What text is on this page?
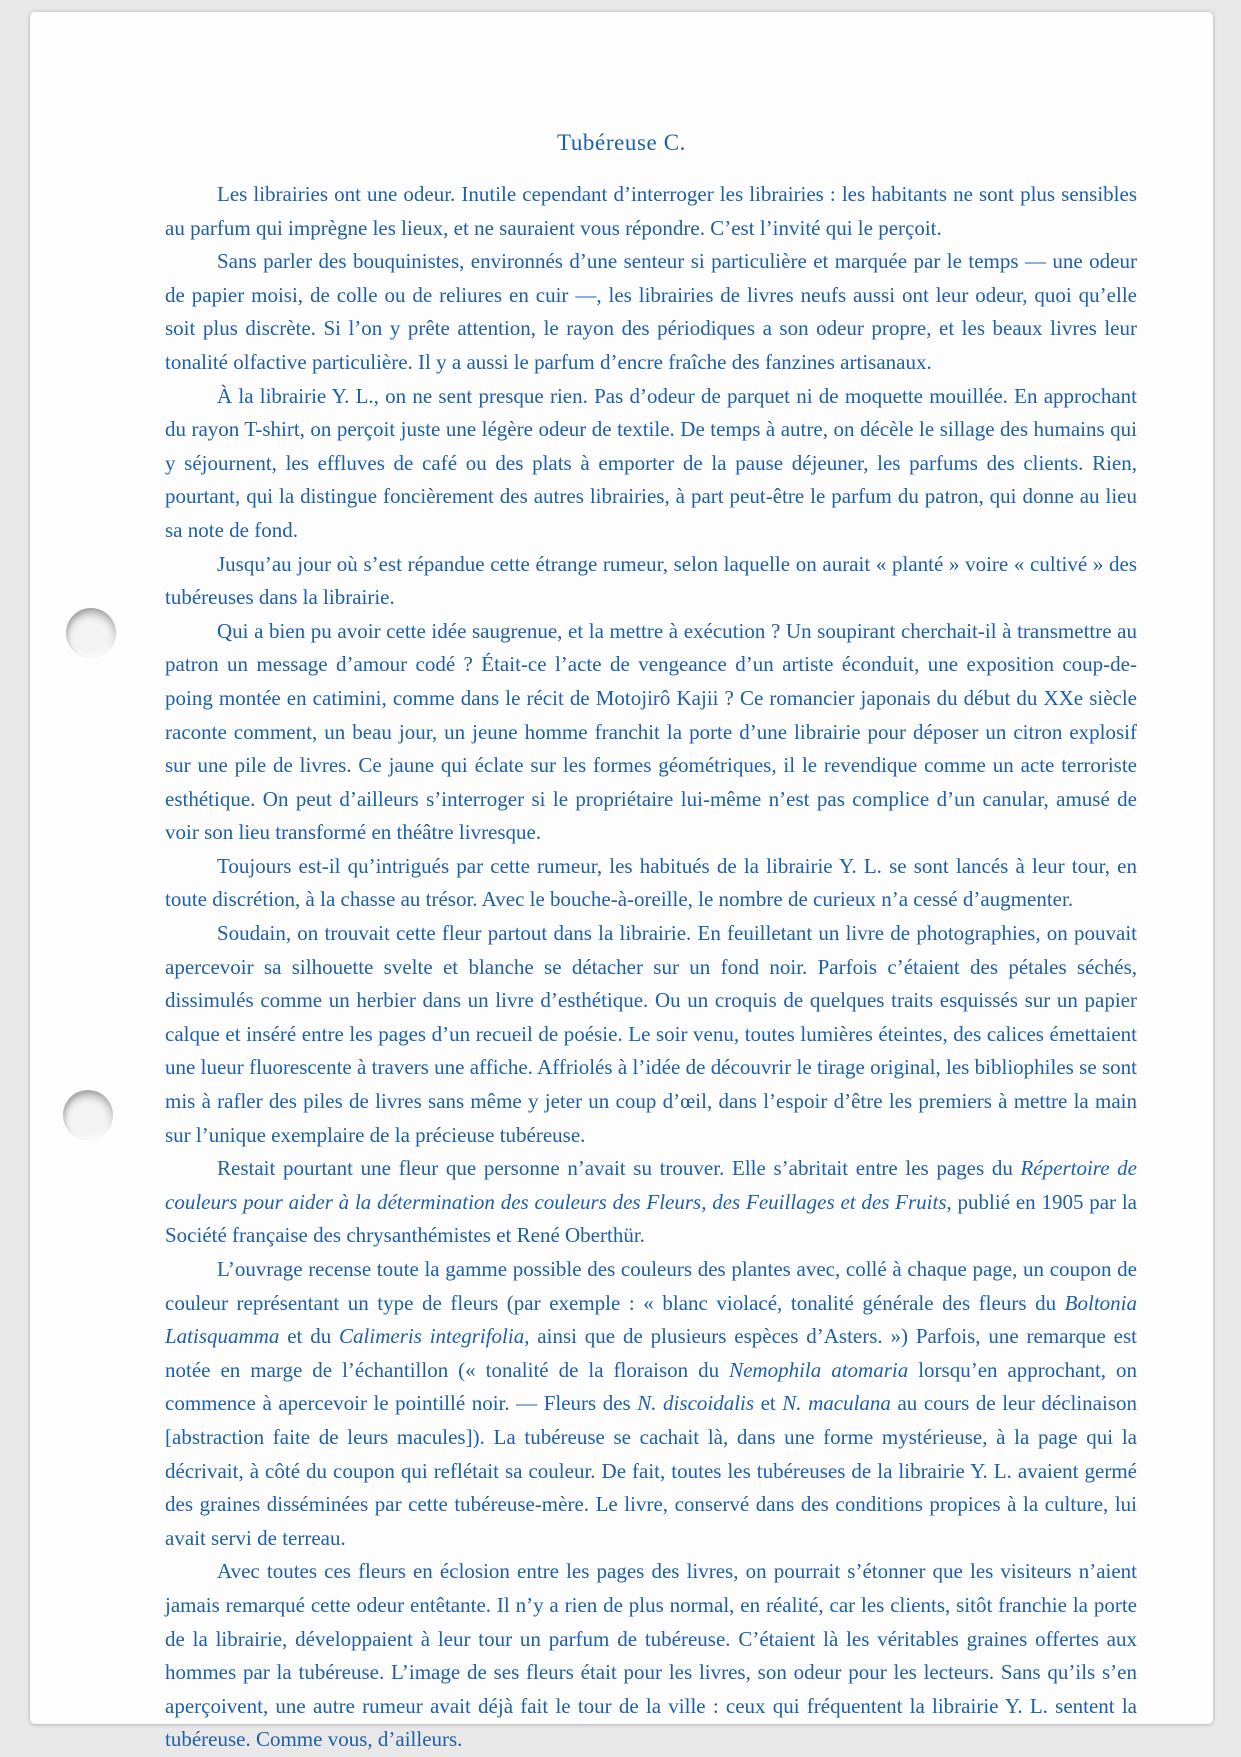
Tubéreuse C.

Les librairies ont une odeur. Inutile cependant d’interroger les librairies : les habitants ne sont plus sensibles au parfum qui imprègne les lieux, et ne sauraient vous répondre. C’est l’invité qui le perçoit.

Sans parler des bouquinistes, environnés d’une senteur si particulière et marquée par le temps — une odeur de papier moisi, de colle ou de reliures en cuir —, les librairies de livres neufs aussi ont leur odeur, quoi qu’elle soit plus discrète. Si l’on y prête attention, le rayon des périodiques a son odeur propre, et les beaux livres leur tonalité olfactive particulière. Il y a aussi le parfum d’encre fraîche des fanzines artisanaux.

À la librairie Y. L., on ne sent presque rien. Pas d’odeur de parquet ni de moquette mouillée. En approchant du rayon T-shirt, on perçoit juste une légère odeur de textile. De temps à autre, on décèle le sillage des humains qui y séjournent, les effluves de café ou des plats à emporter de la pause déjeuner, les parfums des clients. Rien, pourtant, qui la distingue foncièrement des autres librairies, à part peut-être le parfum du patron, qui donne au lieu sa note de fond.

Jusqu’au jour où s’est répandue cette étrange rumeur, selon laquelle on aurait « planté » voire « cultivé » des tubéreuses dans la librairie.

Qui a bien pu avoir cette idée saugrenue, et la mettre à exécution ? Un soupirant cherchait-il à transmettre au patron un message d’amour codé ? Était-ce l’acte de vengeance d’un artiste éconduit, une exposition coup-de-poing montée en catimini, comme dans le récit de Motojirô Kajii ? Ce romancier japonais du début du XXe siècle raconte comment, un beau jour, un jeune homme franchit la porte d’une librairie pour déposer un citron explosif sur une pile de livres. Ce jaune qui éclate sur les formes géométriques, il le revendique comme un acte terroriste esthétique. On peut d’ailleurs s’interroger si le propriétaire lui-même n’est pas complice d’un canular, amusé de voir son lieu transformé en théâtre livresque.

Toujours est-il qu’intrigués par cette rumeur, les habitués de la librairie Y. L. se sont lancés à leur tour, en toute discrétion, à la chasse au trésor. Avec le bouche-à-oreille, le nombre de curieux n’a cessé d’augmenter.

Soudain, on trouvait cette fleur partout dans la librairie. En feuilletant un livre de photographies, on pouvait apercevoir sa silhouette svelte et blanche se détacher sur un fond noir. Parfois c’étaient des pétales séchés, dissimulés comme un herbier dans un livre d’esthétique. Ou un croquis de quelques traits esquissés sur un papier calque et inséré entre les pages d’un recueil de poésie. Le soir venu, toutes lumières éteintes, des calices émettaient une lueur fluorescente à travers une affiche. Affriolés à l’idée de découvrir le tirage original, les bibliophiles se sont mis à rafler des piles de livres sans même y jeter un coup d’œil, dans l’espoir d’être les premiers à mettre la main sur l’unique exemplaire de la précieuse tubéreuse.

Restait pourtant une fleur que personne n’avait su trouver. Elle s’abritait entre les pages du Répertoire de couleurs pour aider à la détermination des couleurs des Fleurs, des Feuillages et des Fruits, publié en 1905 par la Société française des chrysanthémistes et René Oberthür.

L’ouvrage recense toute la gamme possible des couleurs des plantes avec, collé à chaque page, un coupon de couleur représentant un type de fleurs (par exemple : « blanc violacé, tonalité générale des fleurs du Boltonia Latisquamma et du Calimeris integrifolia, ainsi que de plusieurs espèces d’Asters. ») Parfois, une remarque est notée en marge de l’échantillon (« tonalité de la floraison du Nemophila atomaria lorsqu’en approchant, on commence à apercevoir le pointillé noir. — Fleurs des N. discoidalis et N. maculana au cours de leur déclinaison [abstraction faite de leurs macules]). La tubéreuse se cachait là, dans une forme mystérieuse, à la page qui la décrivait, à côté du coupon qui reflétait sa couleur. De fait, toutes les tubéreuses de la librairie Y. L. avaient germé des graines disséminées par cette tubéreuse-mère. Le livre, conservé dans des conditions propices à la culture, lui avait servi de terreau.

Avec toutes ces fleurs en éclosion entre les pages des livres, on pourrait s’étonner que les visiteurs n’aient jamais remarqué cette odeur entêtante. Il n’y a rien de plus normal, en réalité, car les clients, sitôt franchie la porte de la librairie, développaient à leur tour un parfum de tubéreuse. C’étaient là les véritables graines offertes aux hommes par la tubéreuse. L’image de ses fleurs était pour les livres, son odeur pour les lecteurs. Sans qu’ils s’en aperçoivent, une autre rumeur avait déjà fait le tour de la ville : ceux qui fréquentent la librairie Y. L. sentent la tubéreuse. Comme vous, d’ailleurs.
